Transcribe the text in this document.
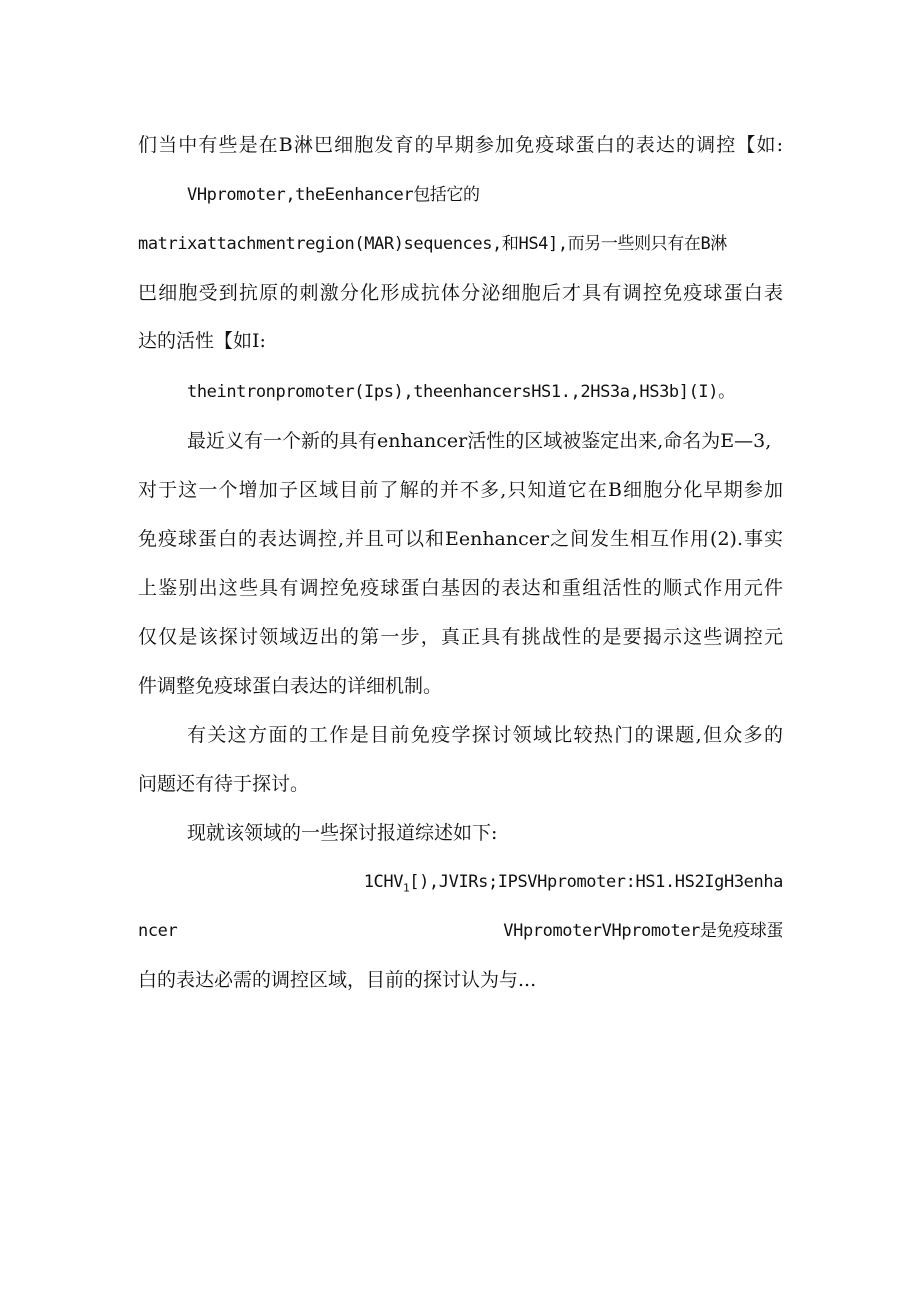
们当中有些是在B淋巴细胞发育的早期参加免疫球蛋白的表达的调控【如:
VHpromoter,theEenhancer包括它的
matrixattachmentregion(MAR)sequences,和HS4],而另一些则只有在B淋
巴细胞受到抗原的刺激分化形成抗体分泌细胞后才具有调控免疫球蛋白表
达的活性【如I:
theintronpromoter(Ips),theenhancersHS1.,2HS3a,HS3b](I)。
最近义有一个新的具有enhancer活性的区域被鉴定出来,命名为E—3,
对于这一个增加子区域目前了解的并不多,只知道它在B细胞分化早期参加
免疫球蛋白的表达调控,并且可以和Eenhancer之间发生相互作用(2).事实
上鉴别出这些具有调控免疫球蛋白基因的表达和重组活性的顺式作用元件
仅仅是该探讨领域迈出的第一步，真正具有挑战性的是要揭示这些调控元
件调整免疫球蛋白表达的详细机制。
有关这方面的工作是目前免疫学探讨领域比较热门的课题,但众多的
问题还有待于探讨。
现就该领域的一些探讨报道综述如下:
$1CHV_1[),JVIRs;IPSVHpromoter:HS1.HS2IgH3enha$
ncer	VHpromoterVHpromoter是免疫球蛋
白的表达必需的调控区域，目前的探讨认为与...
